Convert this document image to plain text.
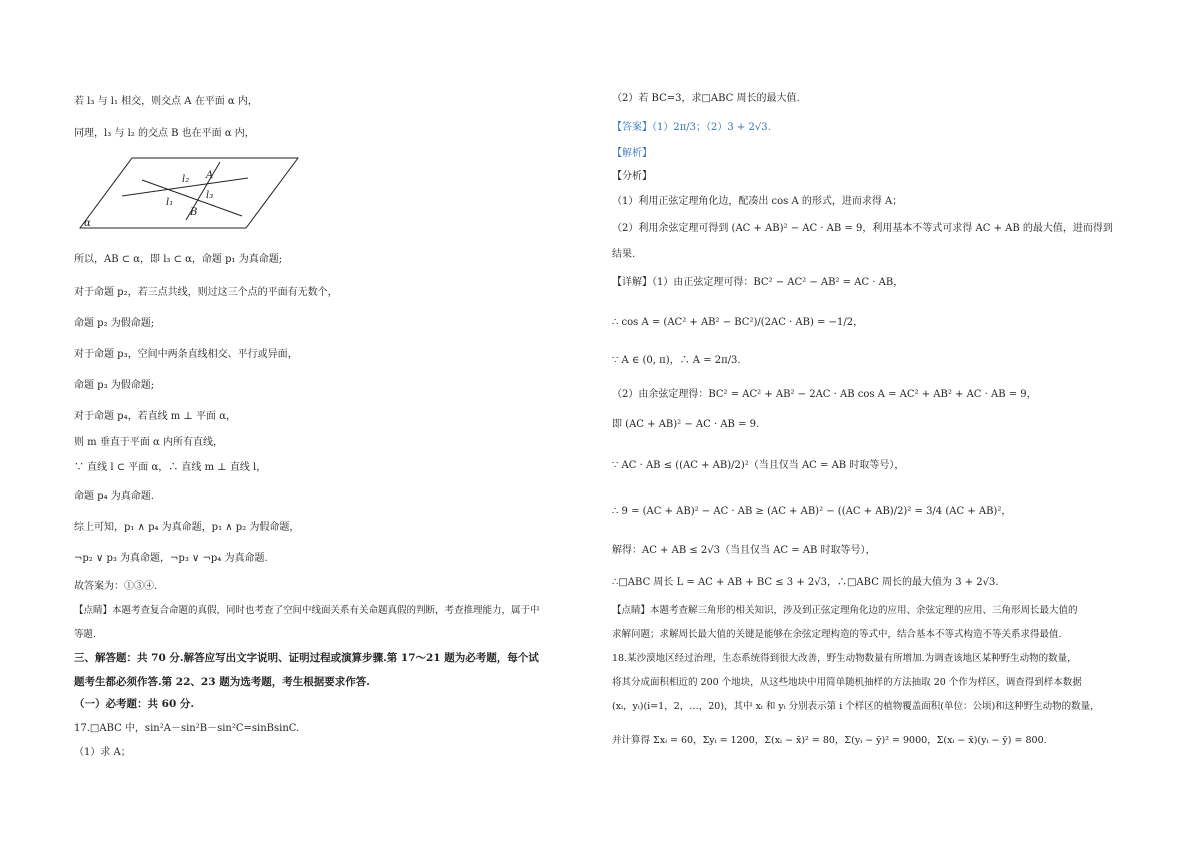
若 l₃ 与 l₁ 相交，则交点 A 在平面 α 内，
同理，l₃ 与 l₂ 的交点 B 也在平面 α 内，
l₂ A
l₃
l₁
B
α
所以，AB ⊂ α，即 l₃ ⊂ α，命题 p₁ 为真命题;
对于命题 p₂，若三点共线，则过这三个点的平面有无数个，
命题 p₂ 为假命题;
对于命题 p₃，空间中两条直线相交、平行或异面，
命题 p₃ 为假命题;
对于命题 p₄，若直线 m ⊥ 平面 α，
则 m 垂直于平面 α 内所有直线，
∵ 直线 l ⊂ 平面 α，∴ 直线 m ⊥ 直线 l，
命题 p₄ 为真命题.
综上可知，p₁ ∧ p₄ 为真命题，p₁ ∧ p₂ 为假命题，
¬p₂ ∨ p₃ 为真命题，¬p₃ ∨ ¬p₄ 为真命题.
故答案为：①③④.
【点睛】本题考查复合命题的真假，同时也考查了空间中线面关系有关命题真假的判断，考查推理能力，属于中
等题.
三、解答题：共 70 分.解答应写出文字说明、证明过程或演算步骤.第 17～21 题为必考题，每个试
题考生都必须作答.第 22、23 题为选考题，考生根据要求作答.
（一）必考题：共 60 分.
17.□ABC 中，sin²A－sin²B－sin²C=sinBsinC.
（1）求 A；
（2）若 BC=3，求□ABC 周长的最大值.
【答案】（1）2π/3；（2）3 + 2√3.
【解析】
【分析】
（1）利用正弦定理角化边，配凑出 cos A 的形式，进而求得 A；
（2）利用余弦定理可得到 (AC + AB)² − AC · AB = 9，利用基本不等式可求得 AC + AB 的最大值，进而得到
结果.
【详解】（1）由正弦定理可得：BC² − AC² − AB² = AC · AB，
∴ cos A = (AC² + AB² − BC²)/(2AC · AB) = −1/2，
∵ A ∈ (0, π)，∴ A = 2π/3.
（2）由余弦定理得：BC² = AC² + AB² − 2AC · AB cos A = AC² + AB² + AC · AB = 9，
即 (AC + AB)² − AC · AB = 9.
∵ AC · AB ≤ ((AC + AB)/2)²（当且仅当 AC = AB 时取等号），
∴ 9 = (AC + AB)² − AC · AB ≥ (AC + AB)² − ((AC + AB)/2)² = 3/4 (AC + AB)²，
解得：AC + AB ≤ 2√3（当且仅当 AC = AB 时取等号），
∴□ABC 周长 L = AC + AB + BC ≤ 3 + 2√3，∴□ABC 周长的最大值为 3 + 2√3.
【点睛】本题考查解三角形的相关知识，涉及到正弦定理角化边的应用、余弦定理的应用、三角形周长最大值的
求解问题；求解周长最大值的关键是能够在余弦定理构造的等式中，结合基本不等式构造不等关系求得最值.
18.某沙漠地区经过治理，生态系统得到很大改善，野生动物数量有所增加.为调查该地区某种野生动物的数量，
将其分成面积相近的 200 个地块，从这些地块中用简单随机抽样的方法抽取 20 个作为样区，调查得到样本数据
(xᵢ，yᵢ)(i=1，2，…，20)，其中 xᵢ 和 yᵢ 分别表示第 i 个样区的植物覆盖面积(单位：公顷)和这种野生动物的数量，
并计算得 Σxᵢ = 60，Σyᵢ = 1200，Σ(xᵢ − x̄)² = 80，Σ(yᵢ − ȳ)² = 9000，Σ(xᵢ − x̄)(yᵢ − ȳ) = 800.
